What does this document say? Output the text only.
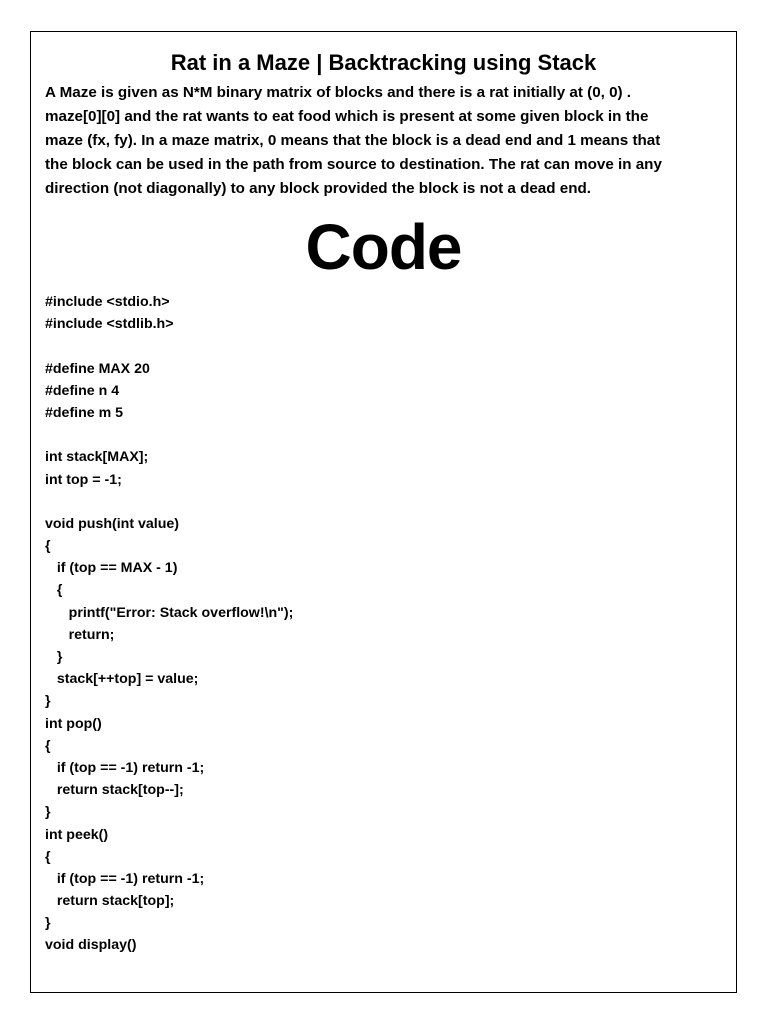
Rat in a Maze | Backtracking using Stack

A Maze is given as N*M binary matrix of blocks and there is a rat initially at (0, 0) .
maze[0][0] and the rat wants to eat food which is present at some given block in the
maze (fx, fy). In a maze matrix, 0 means that the block is a dead end and 1 means that
the block can be used in the path from source to destination. The rat can move in any
direction (not diagonally) to any block provided the block is not a dead end.

Code
#include <stdio.h>
#include <stdlib.h>
#define MAX 20
#define n 4
#define m 5
int stack[MAX];
int top = -1;
void push(int value)
{
if (top == MAX - 1)
{
printf("Error: Stack overflow!\n");
return;
}
stack[++top] = value;
}
int pop()
{
if (top == -1) return -1;
return stack[top--];
}
int peek()
{
if (top == -1) return -1;
return stack[top];
}
void display()
